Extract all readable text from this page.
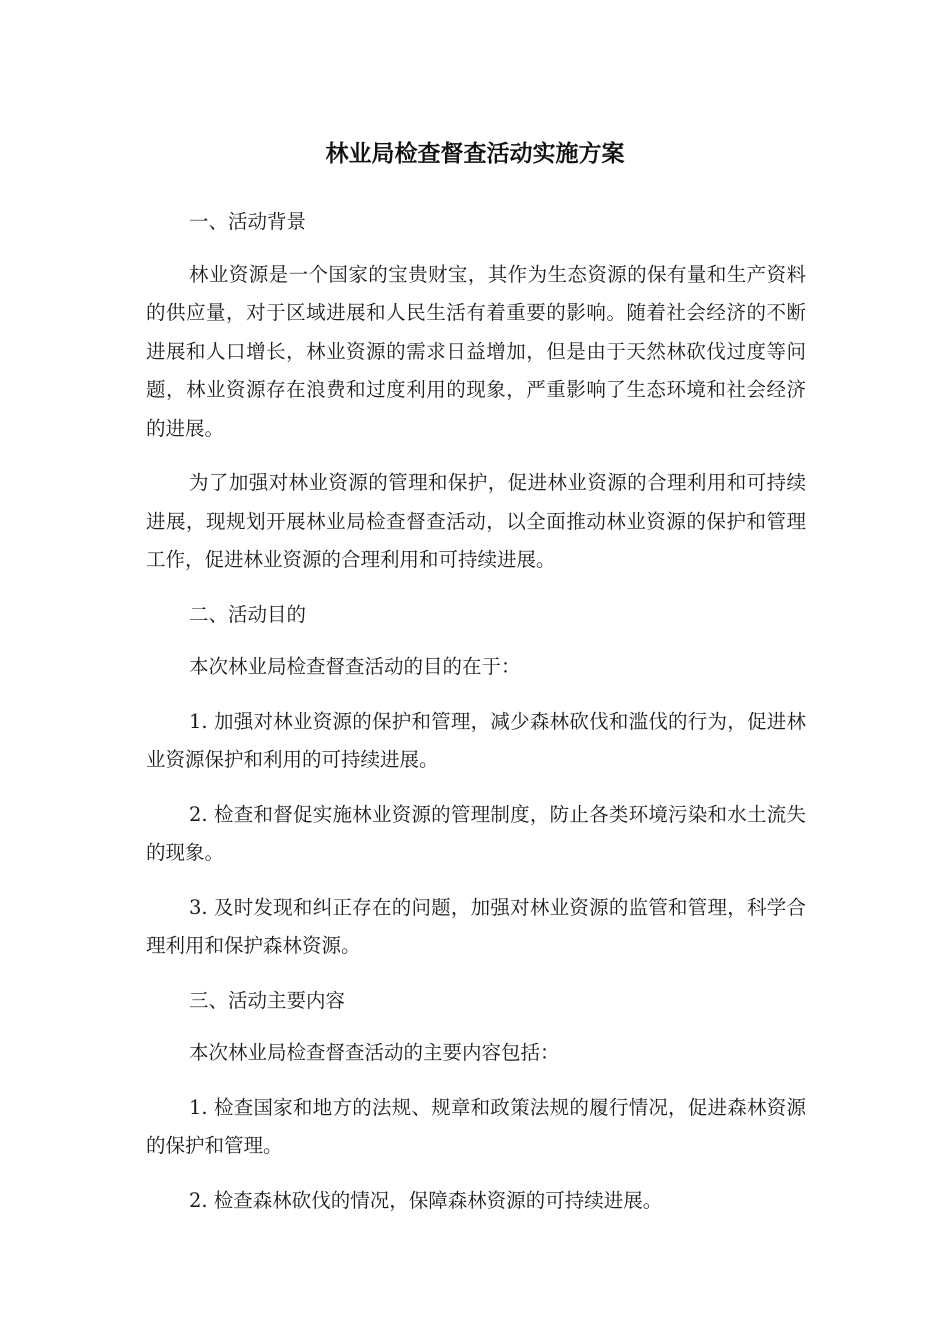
林业局检查督查活动实施方案

一、活动背景

林业资源是一个国家的宝贵财宝，其作为生态资源的保有量和生产资料的供应量，对于区域进展和人民生活有着重要的影响。随着社会经济的不断进展和人口增长，林业资源的需求日益增加，但是由于天然林砍伐过度等问题，林业资源存在浪费和过度利用的现象，严重影响了生态环境和社会经济的进展。

为了加强对林业资源的管理和保护，促进林业资源的合理利用和可持续进展，现规划开展林业局检查督查活动，以全面推动林业资源的保护和管理工作，促进林业资源的合理利用和可持续进展。

二、活动目的

本次林业局检查督查活动的目的在于：

1. 加强对林业资源的保护和管理，减少森林砍伐和滥伐的行为，促进林业资源保护和利用的可持续进展。

2. 检查和督促实施林业资源的管理制度，防止各类环境污染和水土流失的现象。

3. 及时发现和纠正存在的问题，加强对林业资源的监管和管理，科学合理利用和保护森林资源。

三、活动主要内容

本次林业局检查督查活动的主要内容包括：

1. 检查国家和地方的法规、规章和政策法规的履行情况，促进森林资源的保护和管理。

2. 检查森林砍伐的情况，保障森林资源的可持续进展。
